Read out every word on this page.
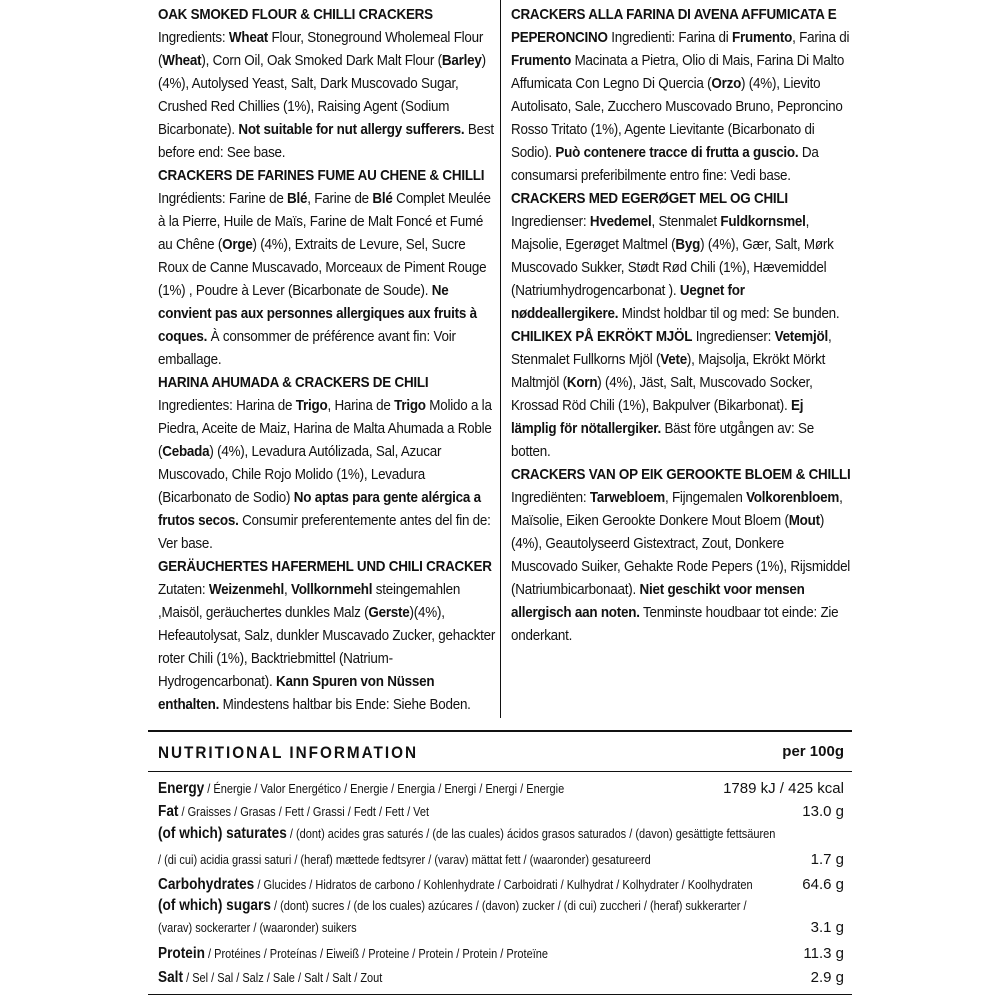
OAK SMOKED FLOUR & CHILLI CRACKERS Ingredients: Wheat Flour, Stoneground Wholemeal Flour (Wheat), Corn Oil, Oak Smoked Dark Malt Flour (Barley) (4%), Autolysed Yeast, Salt, Dark Muscovado Sugar, Crushed Red Chillies (1%), Raising Agent (Sodium Bicarbonate). Not suitable for nut allergy sufferers. Best before end: See base.

CRACKERS DE FARINES FUME AU CHENE & CHILLI Ingrédients: Farine de Blé, Farine de Blé Complet Meulée à la Pierre, Huile de Maïs, Farine de Malt Foncé et Fumé au Chêne (Orge) (4%), Extraits de Levure, Sel, Sucre Roux de Canne Muscavado, Morceaux de Piment Rouge (1%) , Poudre à Lever (Bicarbonate de Soude). Ne convient pas aux personnes allergiques aux fruits à coques. À consommer de préférence avant fin: Voir emballage.

HARINA AHUMADA & CRACKERS DE CHILI Ingredientes: Harina de Trigo, Harina de Trigo Molido a la Piedra, Aceite de Maiz, Harina de Malta Ahumada a Roble (Cebada) (4%), Levadura Autólizada, Sal, Azucar Muscovado, Chile Rojo Molido (1%), Levadura (Bicarbonato de Sodio) No aptas para gente alérgica a frutos secos. Consumir preferentemente antes del fin de: Ver base.

GERÄUCHERTES HAFERMEHL UND CHILI CRACKER Zutaten: Weizenmehl, Vollkornmehl steingemahlen ,Maisöl, geräuchertes dunkles Malz (Gerste)(4%), Hefeautolysat, Salz, dunkler Muscavado Zucker, gehackter roter Chili (1%), Backtriebmittel (Natrium-Hydrogencarbonat). Kann Spuren von Nüssen enthalten. Mindestens haltbar bis Ende: Siehe Boden.

CRACKERS ALLA FARINA DI AVENA AFFUMICATA E PEPERONCINO Ingredienti: Farina di Frumento, Farina di Frumento Macinata a Pietra, Olio di Mais, Farina Di Malto Affumicata Con Legno Di Quercia (Orzo) (4%), Lievito Autolisato, Sale, Zucchero Muscovado Bruno, Peproncino Rosso Tritato (1%), Agente Lievitante (Bicarbonato di Sodio). Può contenere tracce di frutta a guscio. Da consumarsi preferibilmente entro fine: Vedi base.

CRACKERS MED EGERØGET MEL OG CHILI Ingredienser: Hvedemel, Stenmalet Fuldkornsmel, Majsolie, Egerøget Maltmel (Byg) (4%), Gær, Salt, Mørk Muscovado Sukker, Stødt Rød Chili (1%), Hævemiddel (Natriumhydrogencarbonat ). Uegnet for nøddeallergikere. Mindst holdbar til og med: Se bunden.

CHILIKEX PÅ EKRÖKT MJÖL Ingredienser: Vetemjöl, Stenmalet Fullkorns Mjöl (Vete), Majsolja, Ekrökt Mörkt Maltmjöl (Korn) (4%), Jäst, Salt, Muscovado Socker, Krossad Röd Chili (1%), Bakpulver (Bikarbonat). Ej lämplig för nötallergiker. Bäst före utgången av: Se botten.

CRACKERS VAN OP EIK GEROOKTE BLOEM & CHILLI Ingrediënten: Tarwebloem, Fijngemalen Volkorenbloem, Maïsolie, Eiken Gerookte Donkere Mout Bloem (Mout)(4%), Geautolyseerd Gistextract, Zout, Donkere Muscovado Suiker, Gehakte Rode Pepers (1%), Rijsmiddel (Natriumbicarbonaat). Niet geschikt voor mensen allergisch aan noten. Tenminste houdbaar tot einde: Zie onderkant.

NUTRITIONAL INFORMATION	per 100g
Energy / Énergie / Valor Energético / Energie / Energia / Energi / Energi / Energie	1789 kJ / 425 kcal
Fat / Graisses / Grasas / Fett / Grassi / Fedt / Fett / Vet	13.0 g
(of which) saturates / (dont) acides gras saturés / (de las cuales) ácidos grasos saturados / (davon) gesättigte fettsäuren
/ (di cui) acidia grassi saturi / (heraf) mættede fedtsyrer / (varav) mättat fett / (waaronder) gesatureerd	1.7 g
Carbohydrates / Glucides / Hidratos de carbono / Kohlenhydrate / Carboidrati / Kulhydrat / Kolhydrater / Koolhydraten	64.6 g
(of which) sugars / (dont) sucres / (de los cuales) azúcares / (davon) zucker / (di cui) zuccheri / (heraf) sukkerarter /
(varav) sockerarter / (waaronder) suikers	3.1 g
Protein / Protéines / Proteínas / Eiweiß / Proteine / Protein / Protein / Proteïne	11.3 g
Salt / Sel / Sal / Salz / Sale / Salt / Salt / Zout	2.9 g
